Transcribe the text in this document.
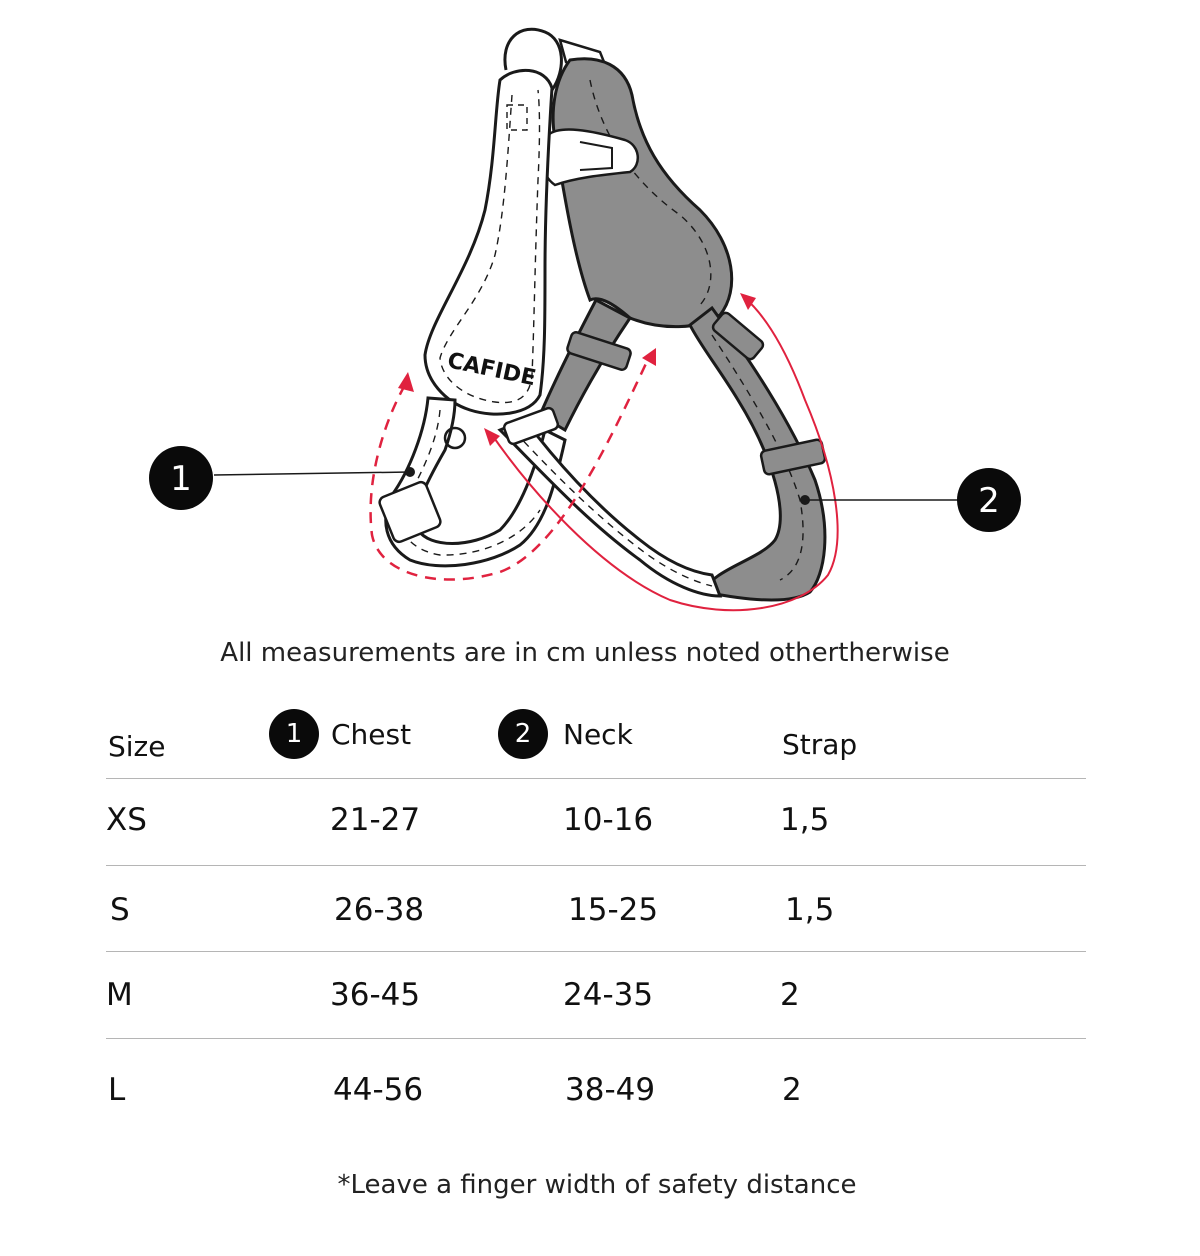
CAFIDE
1
2
All measurements are in cm unless noted othertherwise
Size	1	Chest	2	Neck	Strap
XS	21-27	10-16	1,5
S	26-38	15-25	1,5
M	36-45	24-35	2
L	44-56	38-49	2
*Leave a finger width of safety distance
